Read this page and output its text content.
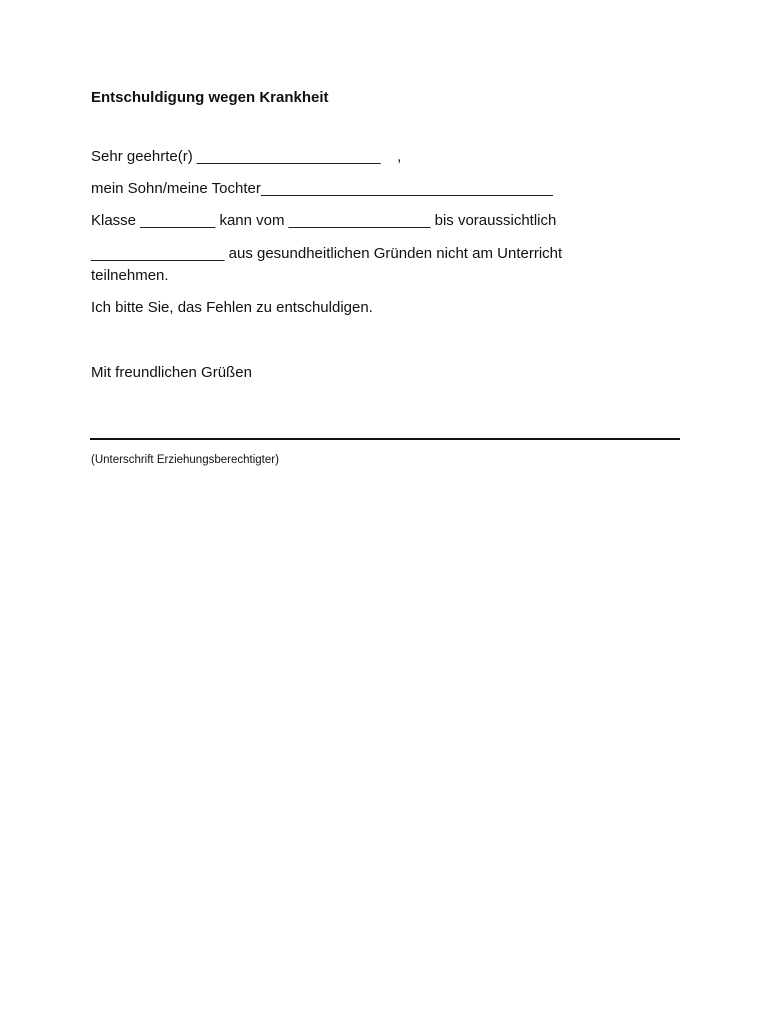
Entschuldigung wegen Krankheit
Sehr geehrte(r) ______________________    ,
mein Sohn/meine Tochter___________________________________
Klasse _________ kann vom _________________ bis voraussichtlich
________________ aus gesundheitlichen Gründen nicht am Unterricht
teilnehmen.
Ich bitte Sie, das Fehlen zu entschuldigen.
Mit freundlichen Grüßen
(Unterschrift Erziehungsberechtigter)
